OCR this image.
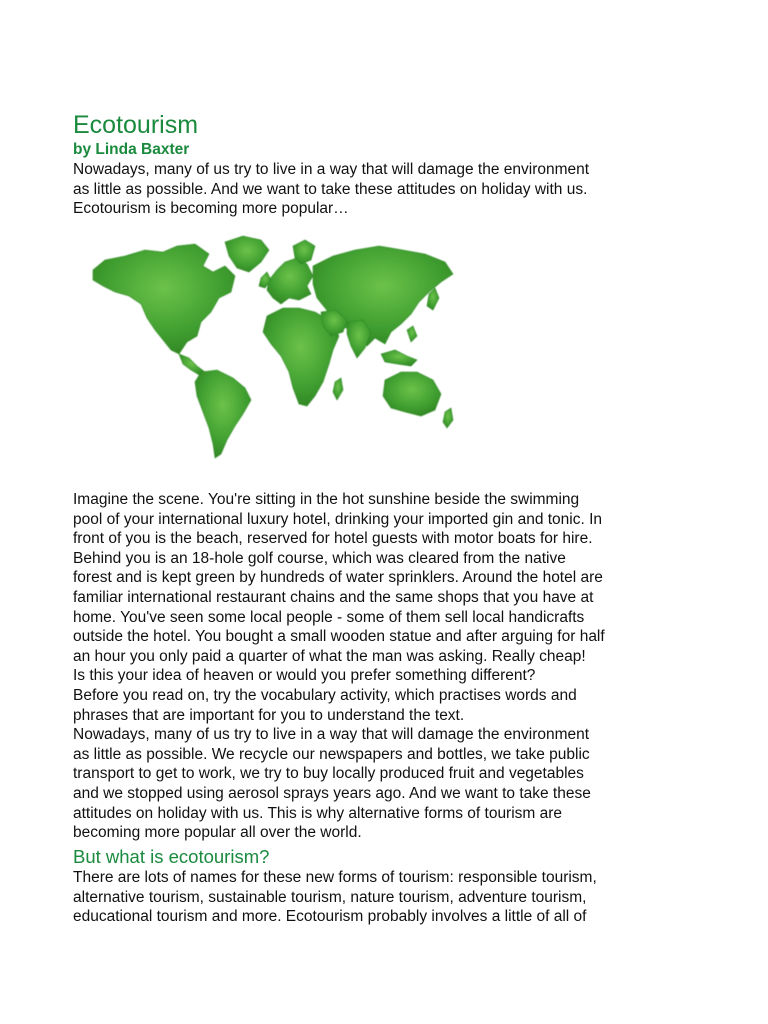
Ecotourism
by Linda Baxter

Nowadays, many of us try to live in a way that will damage the environment
as little as possible. And we want to take these attitudes on holiday with us.
Ecotourism is becoming more popular…

Imagine the scene. You're sitting in the hot sunshine beside the swimming
pool of your international luxury hotel, drinking your imported gin and tonic. In
front of you is the beach, reserved for hotel guests with motor boats for hire.
Behind you is an 18-hole golf course, which was cleared from the native
forest and is kept green by hundreds of water sprinklers. Around the hotel are
familiar international restaurant chains and the same shops that you have at
home. You've seen some local people - some of them sell local handicrafts
outside the hotel. You bought a small wooden statue and after arguing for half
an hour you only paid a quarter of what the man was asking. Really cheap!
Is this your idea of heaven or would you prefer something different?
Before you read on, try the vocabulary activity, which practises words and
phrases that are important for you to understand the text.
Nowadays, many of us try to live in a way that will damage the environment
as little as possible. We recycle our newspapers and bottles, we take public
transport to get to work, we try to buy locally produced fruit and vegetables
and we stopped using aerosol sprays years ago. And we want to take these
attitudes on holiday with us. This is why alternative forms of tourism are
becoming more popular all over the world.

But what is ecotourism?

There are lots of names for these new forms of tourism: responsible tourism,
alternative tourism, sustainable tourism, nature tourism, adventure tourism,
educational tourism and more. Ecotourism probably involves a little of all of
